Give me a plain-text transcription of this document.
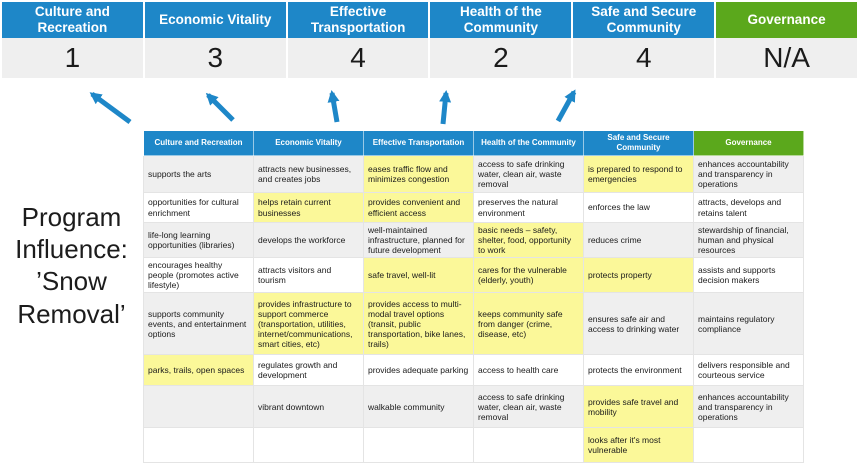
Culture and Recreation
1
Economic Vitality
3
Effective Transportation
4
Health of the Community
2
Safe and Secure Community
4
Governance
N/A
Program Influence: ’Snow Removal’
Culture and Recreation	Economic Vitality	Effective Transportation	Health of the Community	Safe and Secure Community	Governance
supports the arts	attracts new businesses, and creates jobs	eases traffic flow and minimizes congestion	access to safe drinking water, clean air, waste removal	is prepared to respond to emergencies	enhances accountability and transparency in operations
opportunities for cultural enrichment	helps retain current businesses	provides convenient and efficient access	preserves the natural environment	enforces the law	attracts, develops and retains talent
life-long learning opportunities (libraries)	develops the workforce	well-maintained infrastructure, planned for future development	basic needs – safety, shelter, food, opportunity to work	reduces crime	stewardship of financial, human and physical resources
encourages healthy people (promotes active lifestyle)	attracts visitors and tourism	safe travel, well-lit	cares for the vulnerable (elderly, youth)	protects property	assists and supports decision makers
supports community events, and entertainment options	provides infrastructure to support commerce (transportation, utilities, internet/communications, smart cities, etc)	provides access to multi-modal travel options (transit, public transportation, bike lanes, trails)	keeps community safe from danger (crime, disease, etc)	ensures safe air and access to drinking water	maintains regulatory compliance
parks, trails, open spaces	regulates growth and development	provides adequate parking	access to health care	protects the environment	delivers responsible and courteous service
	vibrant downtown	walkable community	access to safe drinking water, clean air, waste removal	provides safe travel and mobility	enhances accountability and transparency in operations
				looks after it's most vulnerable	
